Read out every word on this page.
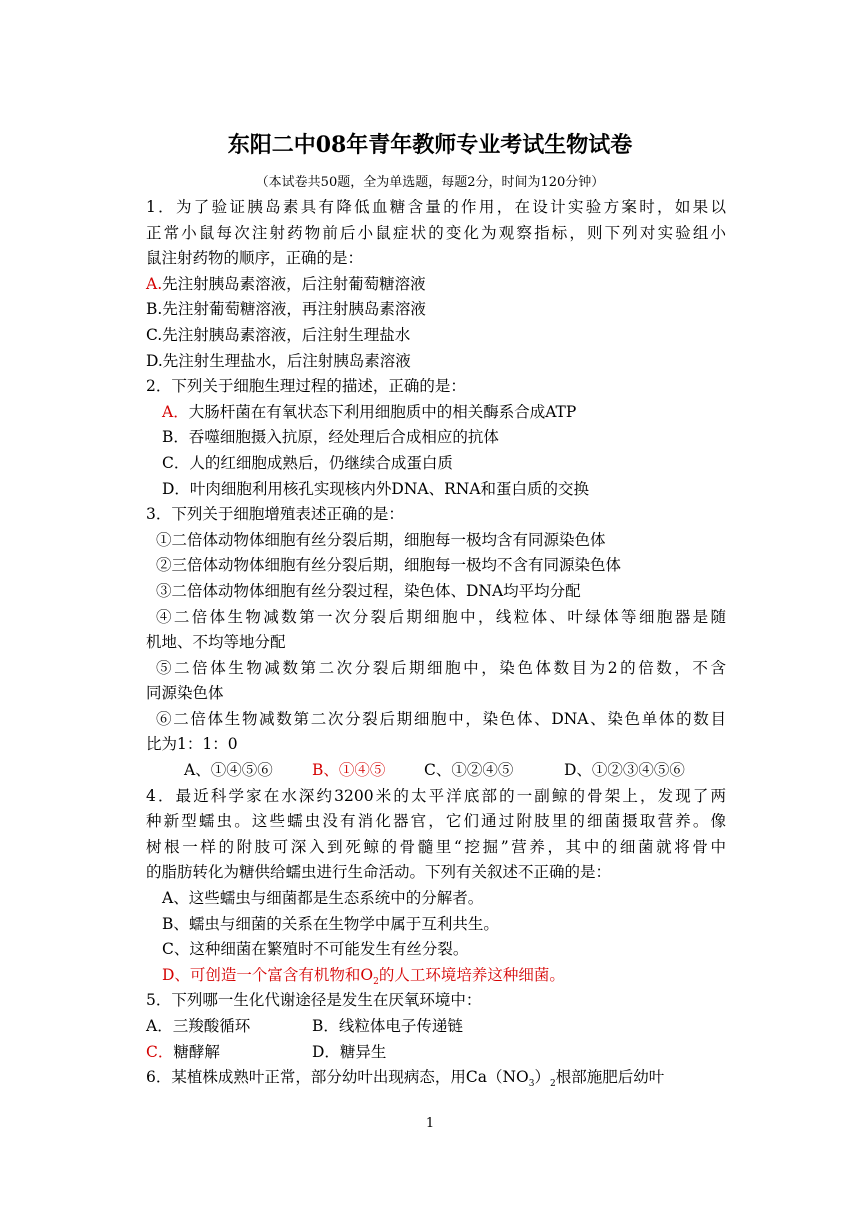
东阳二中08年青年教师专业考试生物试卷
（本试卷共50题，全为单选题，每题2分，时间为120分钟）
1．为了验证胰岛素具有降低血糖含量的作用，在设计实验方案时，如果以
正常小鼠每次注射药物前后小鼠症状的变化为观察指标，则下列对实验组小
鼠注射药物的顺序，正确的是：
A.先注射胰岛素溶液，后注射葡萄糖溶液
B.先注射葡萄糖溶液，再注射胰岛素溶液
C.先注射胰岛素溶液，后注射生理盐水
D.先注射生理盐水，后注射胰岛素溶液
2．下列关于细胞生理过程的描述，正确的是：
A．大肠杆菌在有氧状态下利用细胞质中的相关酶系合成ATP
B．吞噬细胞摄入抗原，经处理后合成相应的抗体
C．人的红细胞成熟后，仍继续合成蛋白质
D．叶肉细胞利用核孔实现核内外DNA、RNA和蛋白质的交换
3．下列关于细胞增殖表述正确的是：
①二倍体动物体细胞有丝分裂后期，细胞每一极均含有同源染色体
②三倍体动物体细胞有丝分裂后期，细胞每一极均不含有同源染色体
③二倍体动物体细胞有丝分裂过程，染色体、DNA均平均分配
④二倍体生物减数第一次分裂后期细胞中，线粒体、叶绿体等细胞器是随
机地、不均等地分配
⑤二倍体生物减数第二次分裂后期细胞中，染色体数目为2的倍数，不含
同源染色体
⑥二倍体生物减数第二次分裂后期细胞中，染色体、DNA、染色单体的数目
比为1：1：0
A、①④⑤⑥	B、①④⑤ C、①②④⑤	D、①②③④⑤⑥
4．最近科学家在水深约3200米的太平洋底部的一副鲸的骨架上，发现了两
种新型蠕虫。这些蠕虫没有消化器官，它们通过附肢里的细菌摄取营养。像
树根一样的附肢可深入到死鲸的骨髓里“挖掘”营养，其中的细菌就将骨中
的脂肪转化为糖供给蠕虫进行生命活动。下列有关叙述不正确的是：
A、这些蠕虫与细菌都是生态系统中的分解者。
B、蠕虫与细菌的关系在生物学中属于互利共生。
C、这种细菌在繁殖时不可能发生有丝分裂。
D、可创造一个富含有机物和$O_2$的人工环境培养这种细菌。
5．下列哪一生化代谢途径是发生在厌氧环境中：
A．三羧酸循环	B．线粒体电子传递链
C．糖酵解	D．糖异生
6．某植株成熟叶正常，部分幼叶出现病态，用$Ca(NO_3)_2$根部施肥后幼叶
1
